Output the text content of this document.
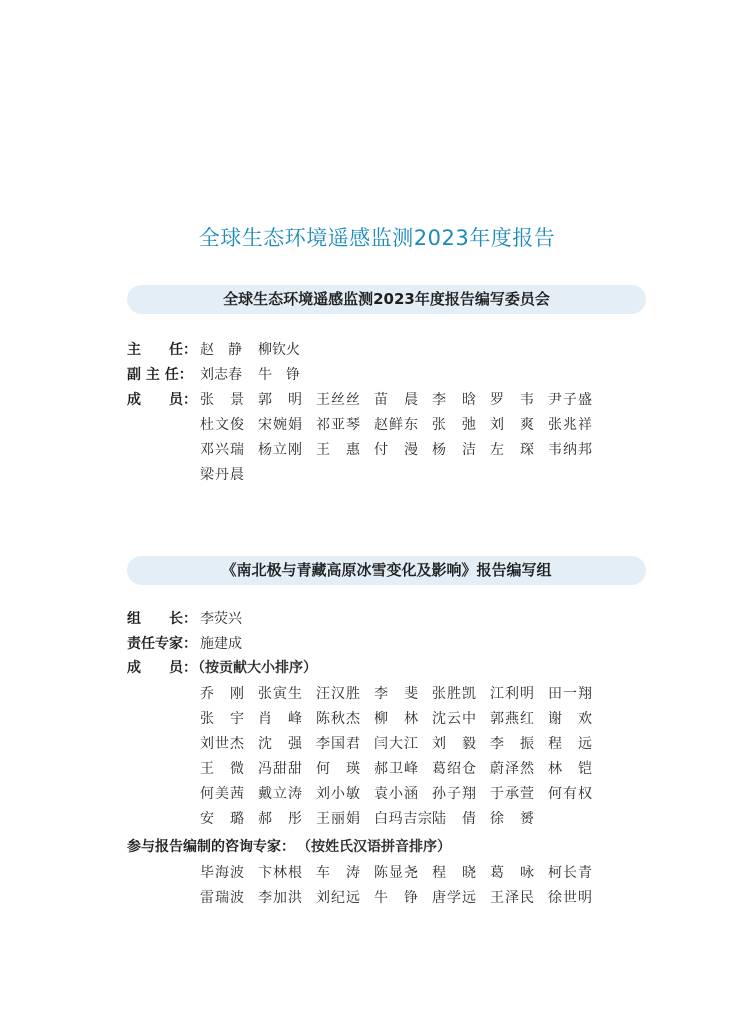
全球生态环境遥感监测2023年度报告
全球生态环境遥感监测2023年度报告编写委员会
主　　任： 赵　静 柳钦火
副 主 任： 刘志春 牛　铮
成　　员： 张　景 郭　明 王丝丝 苗　晨 李　晗 罗　韦 尹子盛
杜文俊 宋婉娟 祁亚琴 赵鲜东 张　弛 刘　爽 张兆祥
邓兴瑞 杨立刚 王　惠 付　漫 杨　洁 左　琛 韦纳邦
梁丹晨
《南北极与青藏高原冰雪变化及影响》报告编写组
组　　长： 李荧兴
责任专家： 施建成
成　　员：
（按贡献大小排序）
乔　刚 张寅生 汪汉胜 李　斐 张胜凯 江利明 田一翔
张　宇 肖　峰 陈秋杰 柳　林 沈云中 郭燕红 谢　欢
刘世杰 沈　强 李国君 闫大江 刘　毅 李　振 程　远
王　微 冯甜甜 何　瑛 郝卫峰 葛绍仓 蔚泽然 林　铠
何美茜 戴立涛 刘小敏 袁小涵 孙子翔 于承萱 何有权
安　璐 郝　彤 王丽娟 白玛吉宗 陆　倩 徐　赟
参与报告编制的咨询专家： （按姓氏汉语拼音排序）
毕海波 卞林根 车　涛 陈显尧 程　晓 葛　咏 柯长青
雷瑞波 李加洪 刘纪远 牛　铮 唐学远 王泽民 徐世明
